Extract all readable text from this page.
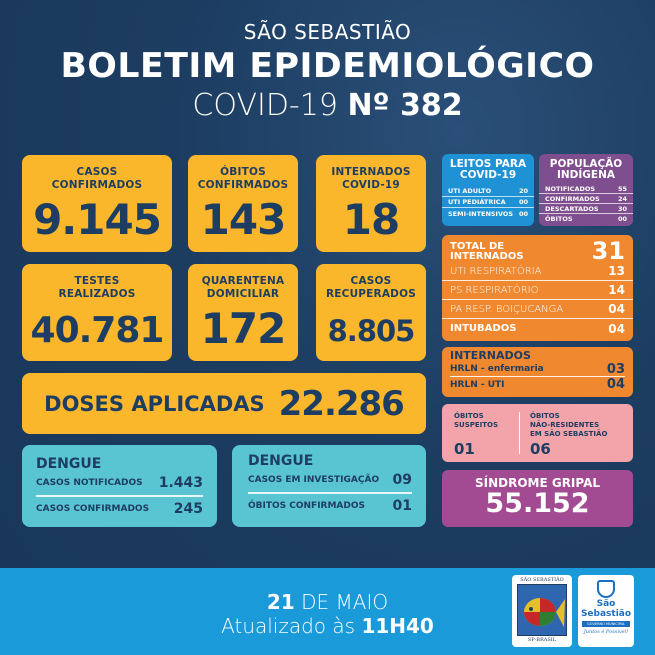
SÃO SEBASTIÃO
BOLETIM EPIDEMIOLÓGICO
COVID-19 Nº 382
CASOS
CONFIRMADOS
9.145
ÓBITOS
CONFIRMADOS
143
INTERNADOS
COVID-19
18
TESTES
REALIZADOS
40.781
QUARENTENA
DOMICILIAR
172
CASOS
RECUPERADOS
8.805
DOSES APLICADAS 22.286
DENGUE
CASOS NOTIFICADOS 1.443
CASOS CONFIRMADOS 245
DENGUE
CASOS EM INVESTIGAÇÃO 09
ÓBITOS CONFIRMADOS 01
LEITOS PARA
COVID-19
UTI ADULTO	20
UTI PEDIÁTRICA 00
SEMI-INTENSIVOS 00
POPULAÇÃO
INDÍGENA
NOTIFICADOS	55
CONFIRMADOS	24
DESCARTADOS	30
ÓBITOS	00
TOTAL DE
INTERNADOS	31
UTI RESPIRATÓRIA	13
PS RESPIRATÓRIO	14
PA RESP. BOIÇUCANGA	04
INTUBADOS	04
INTERNADOS
HRLN - enfermaria	03
HRLN - UTI	04
ÓBITOS
SUSPEITOS
01
ÓBITOS
NÃO-RESIDENTES
EM SÃO SEBASTIÃO
06
SÍNDROME GRIPAL
55.152
21 DE MAIO
Atualizado às 11H40
SÃO SEBASTIÃO
SP·BRASIL
São
Sebastião
GOVERNO MUNICIPAL
Juntos é Possível!
